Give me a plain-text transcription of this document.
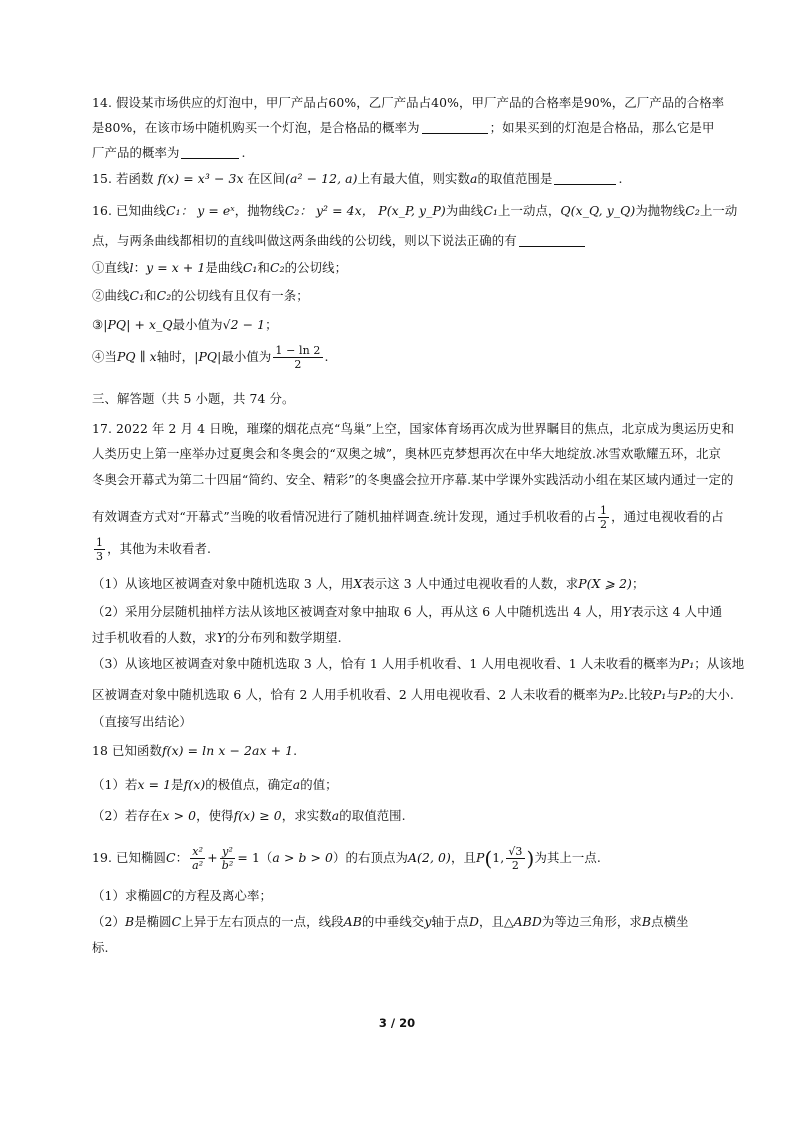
14. 假设某市场供应的灯泡中，甲厂产品占60%，乙厂产品占40%，甲厂产品的合格率是90%，乙厂产品的合格率
是80%，在该市场中随机购买一个灯泡，是合格品的概率为	；如果买到的灯泡是合格品，那么它是甲
厂产品的概率为	.
15. 若函数 f(x) = x³ − 3x 在区间(a² − 12, a)上有最大值，则实数a的取值范围是	.
16. 已知曲线C₁： y = eˣ，抛物线C₂： y² = 4x， P(x_P, y_P)为曲线C₁上一动点，Q(x_Q, y_Q)为抛物线C₂上一动
点，与两条曲线都相切的直线叫做这两条曲线的公切线，则以下说法正确的有
①直线l：y = x + 1是曲线C₁和C₂的公切线；
②曲线C₁和C₂的公切线有且仅有一条；
③|PQ| + x_Q最小值为√2 − 1；
④当PQ ∥ x轴时，|PQ|最小值为 $\frac{1 - \ln 2}{2}$ .
三、解答题（共 5 小题，共 74 分。
17. 2022 年 2 月 4 日晚，璀璨的烟花点亮“鸟巢”上空，国家体育场再次成为世界瞩目的焦点，北京成为奥运历史和
人类历史上第一座举办过夏奥会和冬奥会的“双奥之城”，奥林匹克梦想再次在中华大地绽放.冰雪欢歌耀五环，北京
冬奥会开幕式为第二十四届“简约、安全、精彩”的冬奥盛会拉开序幕.某中学课外实践活动小组在某区域内通过一定的
有效调查方式对“开幕式”当晚的收看情况进行了随机抽样调查.统计发现，通过手机收看的占 $\frac{1}{2}$ ，通过电视收看的占
$\frac{1}{3}$ ，其他为未收看者.
（1）从该地区被调查对象中随机选取 3 人，用X表示这 3 人中通过电视收看的人数，求P(X ⩾ 2)；
（2）采用分层随机抽样方法从该地区被调查对象中抽取 6 人，再从这 6 人中随机选出 4 人，用Y表示这 4 人中通
过手机收看的人数，求Y的分布列和数学期望.
（3）从该地区被调查对象中随机选取 3 人，恰有 1 人用手机收看、1 人用电视收看、1 人未收看的概率为P₁；从该地
区被调查对象中随机选取 6 人，恰有 2 人用手机收看、2 人用电视收看、2 人未收看的概率为P₂.比较P₁与P₂的大小.
（直接写出结论）
18 已知函数f(x) = ln x − 2ax + 1.
（1）若x = 1是f(x)的极值点，确定a的值；
（2）若存在x > 0，使得f(x) ≥ 0，求实数a的取值范围.
19. 已知椭圆C： $\frac{\text{x²}}{\text{a²}} + \frac{\text{y²}}{\text{b²}} = 1(a > b > 0)$的右顶点为A(2, 0)，且P(1, $\frac{√3}{2}$ )为其上一点.
（1）求椭圆C的方程及离心率；
（2）B是椭圆C上异于左右顶点的一点，线段AB的中垂线交y轴于点D，且△ABD为等边三角形，求B点横坐
标.
3 / 20
